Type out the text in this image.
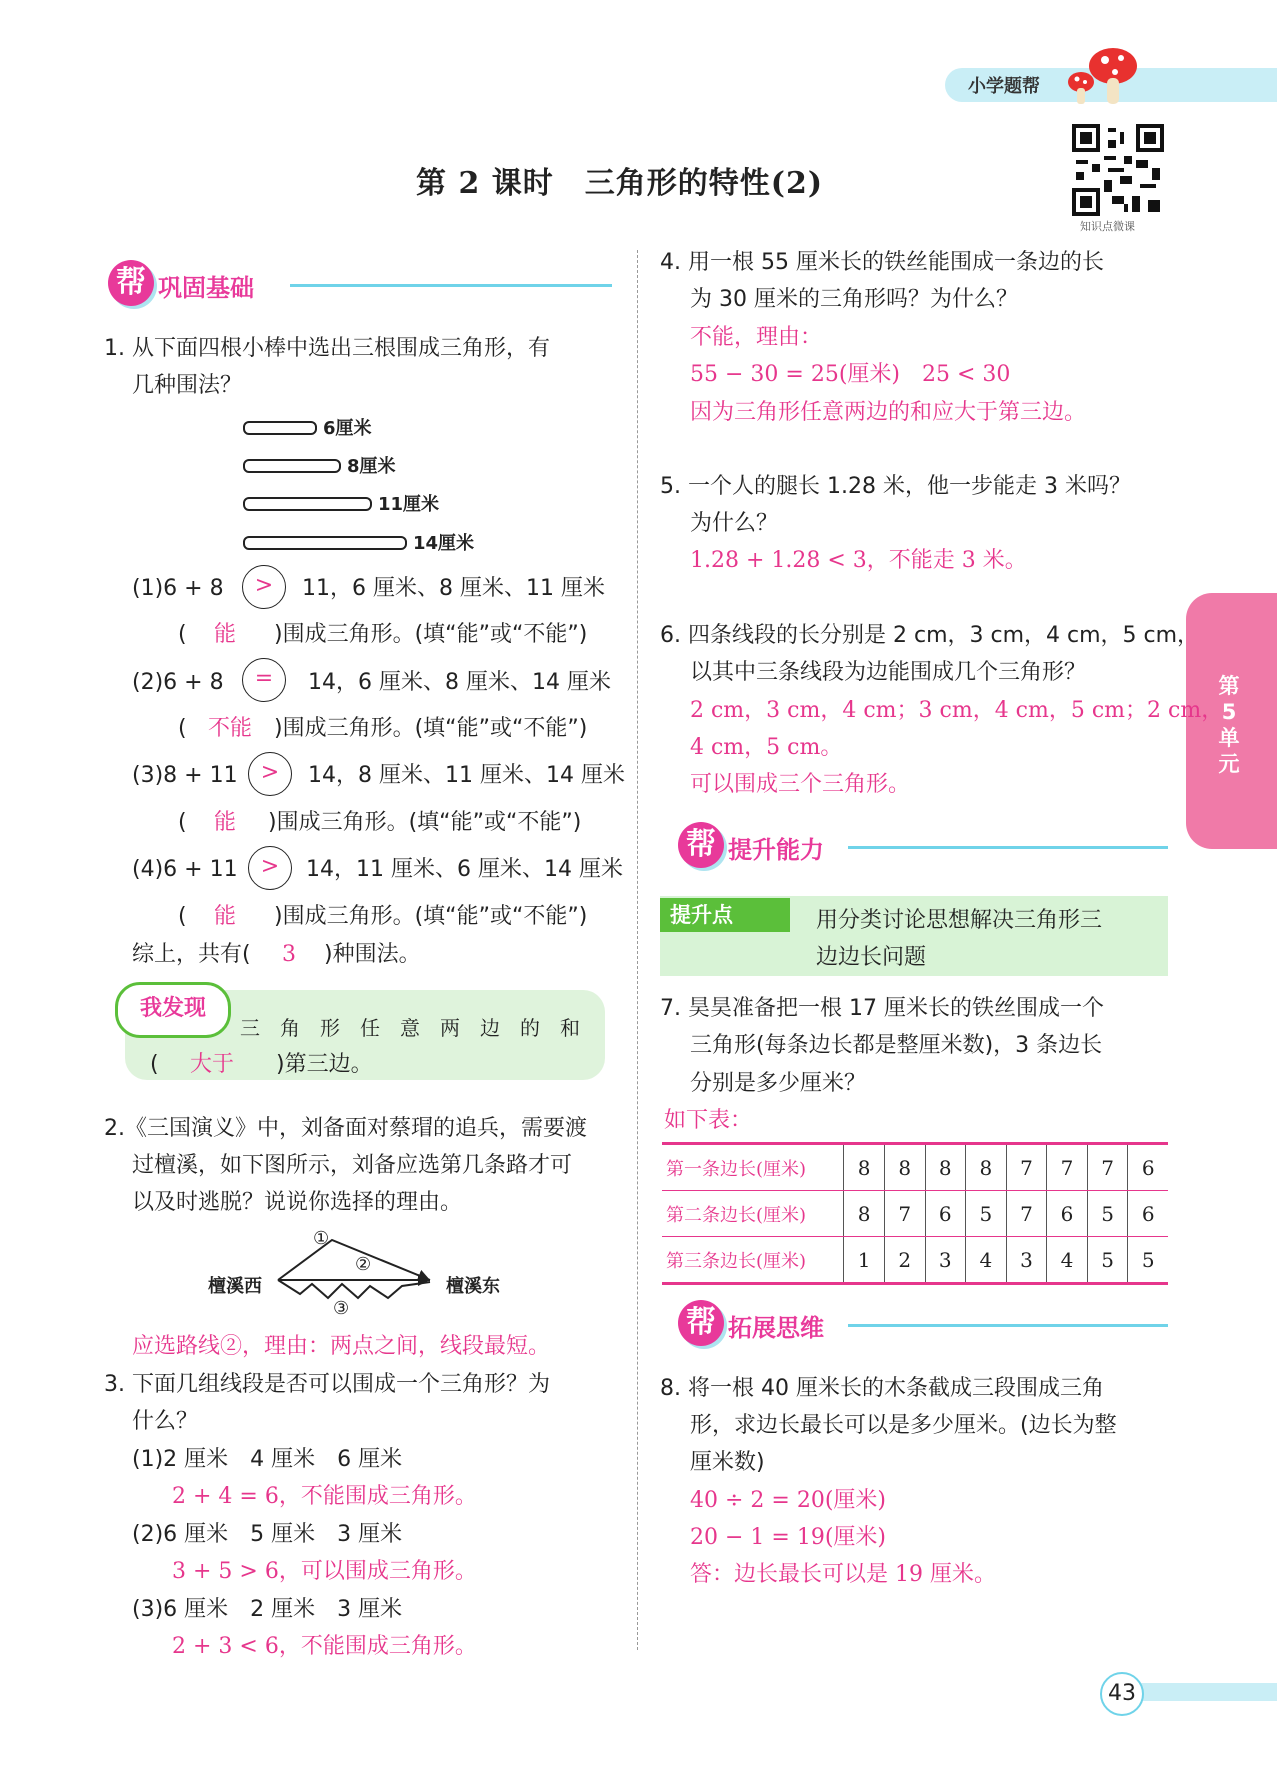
小学题帮
第 2 课时　三角形的特性(2)
知识点微课
第5单元
帮 巩固基础
1. 从下面四根小棒中选出三根围成三角形，有
几种围法？
6厘米
8厘米
11厘米
14厘米
(1)6 + 8	>	11，6 厘米、8 厘米、11 厘米
( 能 )围成三角形。(填“能”或“不能”)
(2)6 + 8	=	14，6 厘米、8 厘米、14 厘米
( 不能 )围成三角形。(填“能”或“不能”)
(3)8 + 11	>	14，8 厘米、11 厘米、14 厘米
( 能 )围成三角形。(填“能”或“不能”)
(4)6 + 11	>	14，11 厘米、6 厘米、14 厘米
( 能 )围成三角形。(填“能”或“不能”)
综上，共有( 3 )种围法。
我发现
三　角　形　任　意　两　边　的　和
( 大于 )第三边。
2.《三国演义》中，刘备面对蔡瑁的追兵，需要渡
过檀溪，如下图所示，刘备应选第几条路才可
以及时逃脱？说说你选择的理由。
檀溪西	檀溪东
①
②
③
应选路线②，理由：两点之间，线段最短。
3. 下面几组线段是否可以围成一个三角形？为
什么？
(1)2 厘米　4 厘米　6 厘米
2 + 4 = 6，不能围成三角形。
(2)6 厘米　5 厘米　3 厘米
3 + 5 > 6，可以围成三角形。
(3)6 厘米　2 厘米　3 厘米
2 + 3 < 6，不能围成三角形。
4. 用一根 55 厘米长的铁丝能围成一条边的长
为 30 厘米的三角形吗？为什么？
不能，理由：
55 − 30 = 25(厘米)　25 < 30
因为三角形任意两边的和应大于第三边。
5. 一个人的腿长 1.28 米，他一步能走 3 米吗？
为什么？
1.28 + 1.28 < 3，不能走 3 米。
6. 四条线段的长分别是 2 cm，3 cm，4 cm，5 cm，
以其中三条线段为边能围成几个三角形？
2 cm，3 cm，4 cm；3 cm，4 cm，5 cm；2 cm，
4 cm，5 cm。
可以围成三个三角形。
帮 提升能力
提升点	用分类讨论思想解决三角形三
边边长问题
7. 昊昊准备把一根 17 厘米长的铁丝围成一个
三角形(每条边长都是整厘米数)，3 条边长
分别是多少厘米？
如下表：
第一条边长(厘米)	8	8	8	8	7	7	7	6
第二条边长(厘米)	8	7	6	5	7	6	5	6
第三条边长(厘米)	1	2	3	4	3	4	5	5
帮 拓展思维
8. 将一根 40 厘米长的木条截成三段围成三角
形，求边长最长可以是多少厘米。(边长为整
厘米数)
40 ÷ 2 = 20(厘米)
20 − 1 = 19(厘米)
答：边长最长可以是 19 厘米。
43
